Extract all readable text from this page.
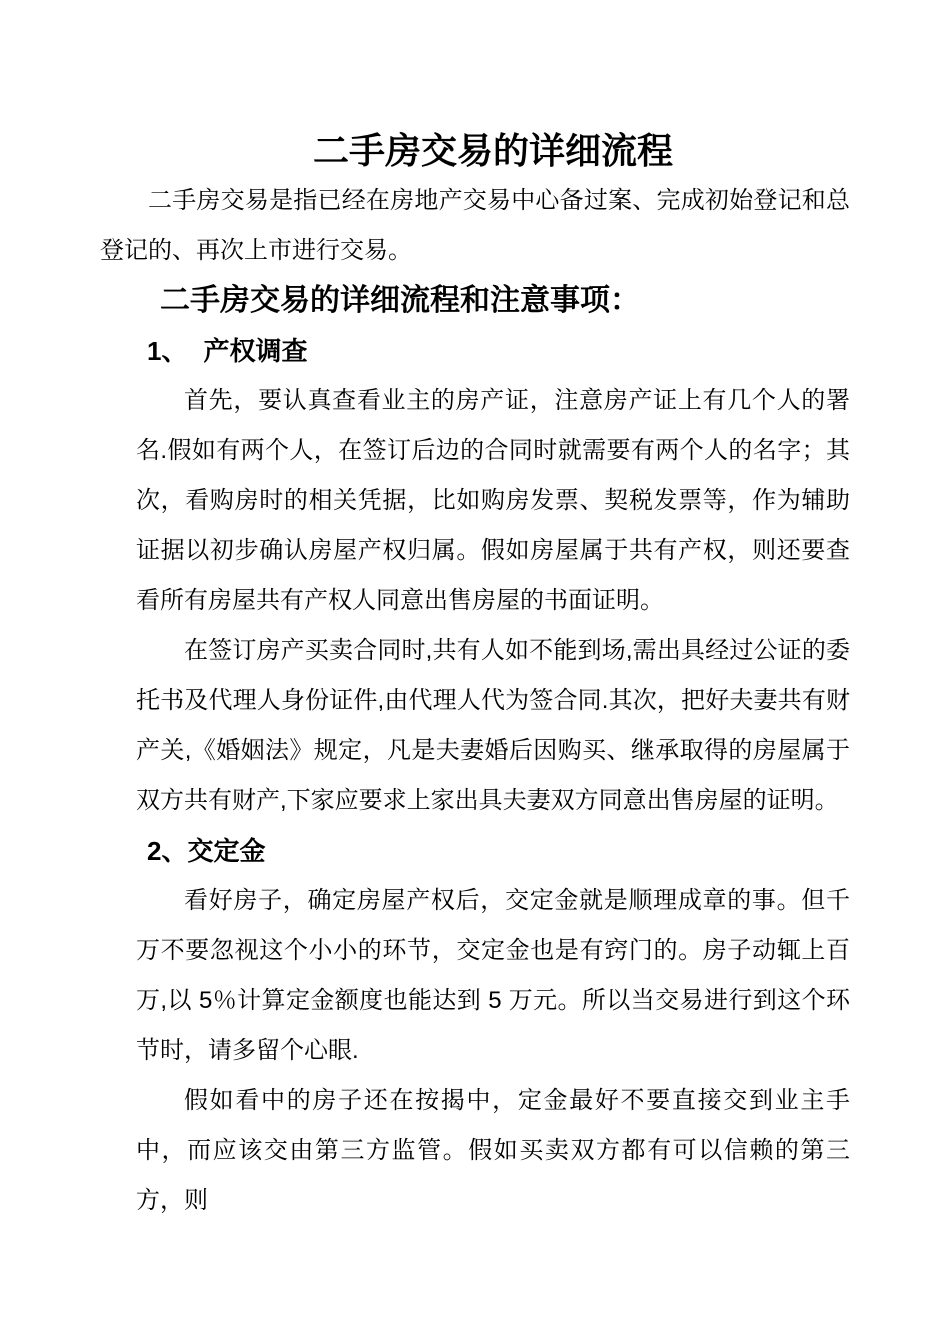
二手房交易的详细流程

二手房交易是指已经在房地产交易中心备过案、完成初始登记和总登记的、再次上市进行交易。

二手房交易的详细流程和注意事项：
1、 产权调查

首先，要认真查看业主的房产证，注意房产证上有几个人的署名.假如有两个人，在签订后边的合同时就需要有两个人的名字；其次，看购房时的相关凭据，比如购房发票、契税发票等，作为辅助证据以初步确认房屋产权归属。假如房屋属于共有产权，则还要查看所有房屋共有产权人同意出售房屋的书面证明。

在签订房产买卖合同时,共有人如不能到场,需出具经过公证的委托书及代理人身份证件,由代理人代为签合同.其次，把好夫妻共有财产关,《婚姻法》规定，凡是夫妻婚后因购买、继承取得的房屋属于双方共有财产,下家应要求上家出具夫妻双方同意出售房屋的证明。

2、交定金

看好房子，确定房屋产权后，交定金就是顺理成章的事。但千万不要忽视这个小小的环节，交定金也是有窍门的。房子动辄上百万,以 5％计算定金额度也能达到 5 万元。所以当交易进行到这个环节时，请多留个心眼.

假如看中的房子还在按揭中，定金最好不要直接交到业主手中，而应该交由第三方监管。假如买卖双方都有可以信赖的第三方，则
